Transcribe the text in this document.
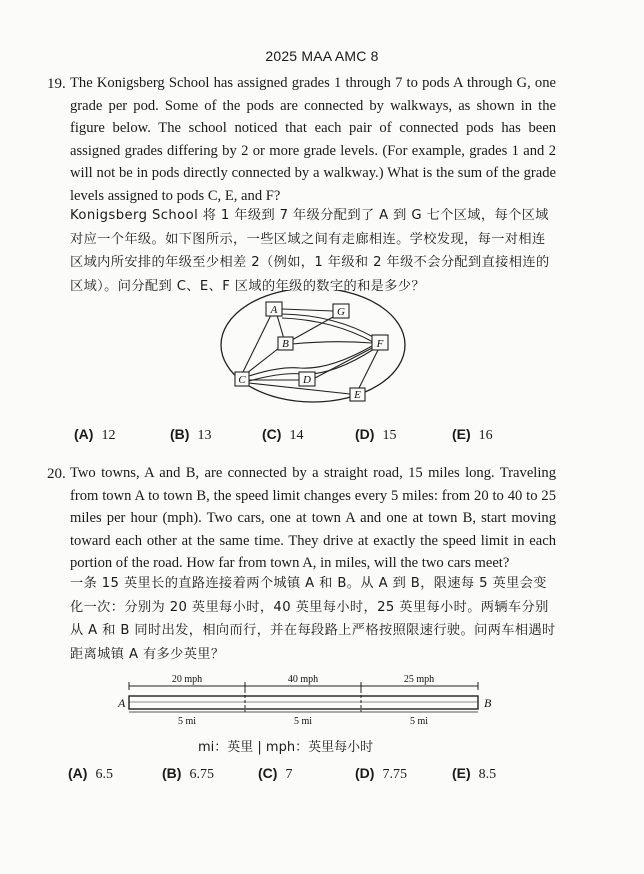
2025 MAA AMC 8
19. The Konigsberg School has assigned grades 1 through 7 to pods A through G, one grade per pod. Some of the pods are connected by walkways, as shown in the figure below. The school noticed that each pair of connected pods has been assigned grades differing by 2 or more grade levels. (For example, grades 1 and 2 will not be in pods directly connected by a walkway.) What is the sum of the grade levels assigned to pods C, E, and F?
Konigsberg School 将 1 年级到 7 年级分配到了 A 到 G 七个区域，每个区域对应一个年级。如下图所示，一些区域之间有走廊相连。学校发现，每一对相连区域内所安排的年级至少相差 2（例如，1 年级和 2 年级不会分配到直接相连的区域）。问分配到 C、E、F 区域的年级的数字的和是多少？
A	G
B	F
C	D
E
(A) 12	(B) 13	(C) 14	(D) 15	(E) 16
20. Two towns, A and B, are connected by a straight road, 15 miles long. Traveling from town A to town B, the speed limit changes every 5 miles: from 20 to 40 to 25 miles per hour (mph). Two cars, one at town A and one at town B, start moving toward each other at the same time. They drive at exactly the speed limit in each portion of the road. How far from town A, in miles, will the two cars meet?
一条 15 英里长的直路连接着两个城镇 A 和 B。从 A 到 B，限速每 5 英里会变化一次：分别为 20 英里每小时，40 英里每小时，25 英里每小时。两辆车分别从 A 和 B 同时出发，相向而行，并在每段路上严格按照限速行驶。问两车相遇时距离城镇 A 有多少英里？
20 mph	40 mph	25 mph
5 mi	5 mi	5 mi
A	B
mi：英里 | mph：英里每小时
(A) 6.5	(B) 6.75	(C) 7	(D) 7.75	(E) 8.5
